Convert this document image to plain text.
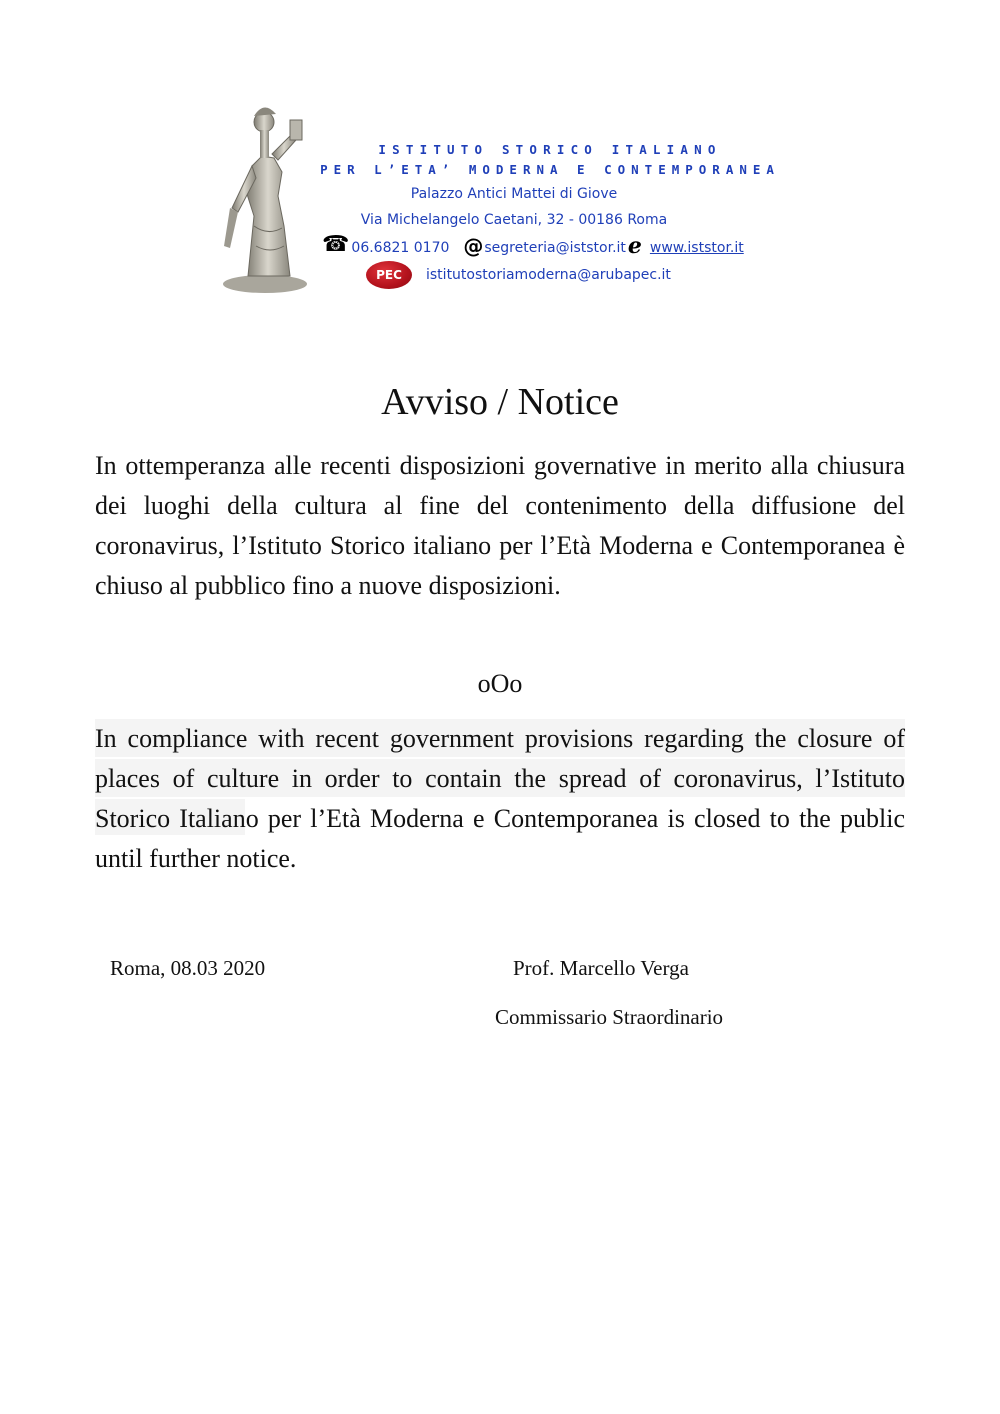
ISTITUTO STORICO ITALIANO
PER L’ETA’ MODERNA E CONTEMPORANEA
Palazzo Antici Mattei di Giove
Via Michelangelo Caetani, 32 - 00186 Roma
☎ 06.6821 0170 @ segreteria@iststor.it e www.iststor.it
PEC	istitutostoriamoderna@arubapec.it
Avviso / Notice

In ottemperanza alle recenti disposizioni governative in merito alla chiusura dei luoghi della cultura al fine del contenimento della diffusione del coronavirus, l’Istituto Storico italiano per l’Età Moderna e Contemporanea è chiuso al pubblico fino a nuove disposizioni.

oOo

In compliance with recent government provisions regarding the closure of places of culture in order to contain the spread of coronavirus, l’Istituto Storico Italiano per l’Età Moderna e Contemporanea is closed to the public until further notice.

Roma, 08.03 2020	Prof. Marcello Verga
Commissario Straordinario
